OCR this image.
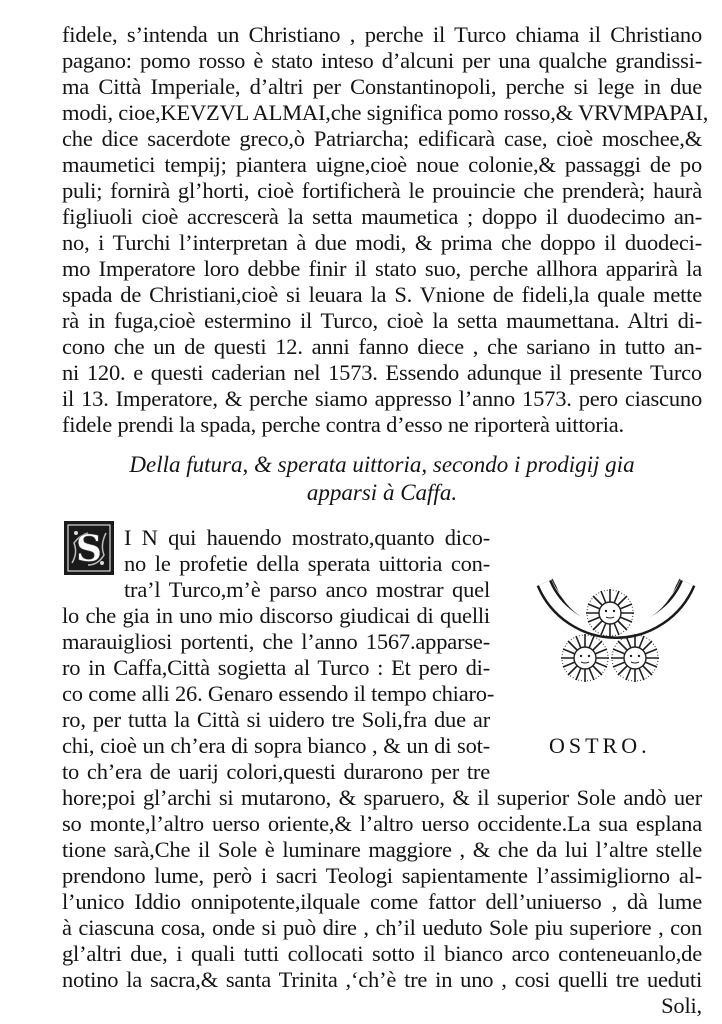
fidele, s’intenda un Christiano , perche il Turco chiama il Christiano
pagano: pomo rosso è stato inteso d’alcuni per una qualche grandissi-
ma Città Imperiale, d’altri per Constantinopoli, perche si lege in due
modi, cioe,KEVZVL ALMAI,che significa pomo rosso,& VRVMPAPAI,
che dice sacerdote greco,ò Patriarcha; edificarà case, cioè moschee,&
maumetici tempij; piantera uigne,cioè noue colonie,& passaggi de po
puli; fornirà gl’horti, cioè fortificherà le prouincie che prenderà; haurà
figliuoli cioè accrescerà la setta maumetica ; doppo il duodecimo an-
no, i Turchi l’interpretan à due modi, & prima che doppo il duodeci-
mo Imperatore loro debbe finir il stato suo, perche allhora apparirà la
spada de Christiani,cioè si leuara la S. Vnione de fideli,la quale mette
rà in fuga,cioè estermino il Turco, cioè la setta maumettana. Altri di-
cono che un de questi 12. anni fanno diece , che sariano in tutto an-
ni 120. e questi caderian nel 1573. Essendo adunque il presente Turco
il 13. Imperatore, & perche siamo appresso l’anno 1573. pero ciascuno
fidele prendi la spada, perche contra d’esso ne riporterà uittoria.
Della futura, & sperata uittoria, secondo i prodigij gia
apparsi à Caffa.
S I N qui hauendo mostrato,quanto dico-
no le profetie della sperata uittoria con-
tra’l Turco,m’è parso anco mostrar quel
lo che gia in uno mio discorso giudicai di quelli
marauigliosi portenti, che l’anno 1567.apparse-
ro in Caffa,Città sogietta al Turco : Et pero di-
co come alli 26. Genaro essendo il tempo chiaro-
ro, per tutta la Città si uidero tre Soli,fra due ar
chi, cioè un ch’era di sopra bianco , & un di sot-
to ch’era de uarij colori,questi durarono per tre
hore;poi gl’archi si mutarono, & sparuero, & il superior Sole andò uer
so monte,l’altro uerso oriente,& l’altro uerso occidente.La sua esplana
tione sarà,Che il Sole è luminare maggiore , & che da lui l’altre stelle
prendono lume, però i sacri Teologi sapientamente l’assimigliorno al-
l’unico Iddio onnipotente,ilquale come fattor dell’uniuerso , dà lume
à ciascuna cosa, onde si può dire , ch’il ueduto Sole piu superiore , con
gl’altri due, i quali tutti collocati sotto il bianco arco conteneuanlo,de
notino la sacra,& santa Trinita ,‘ch’è tre in uno , cosi quelli tre ueduti
Soli,
OSTRO.
